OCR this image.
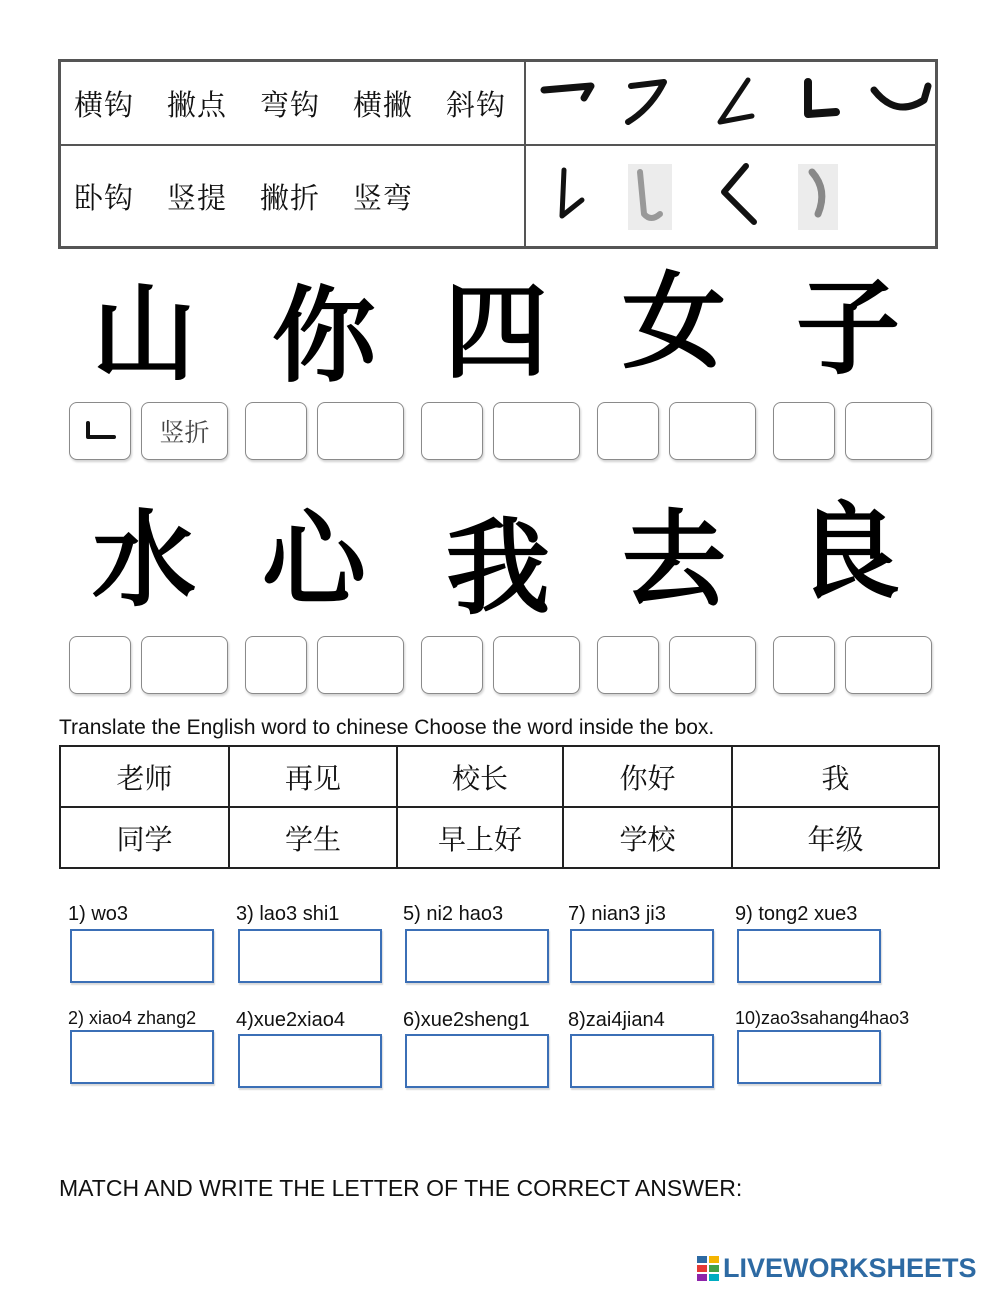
横钩 撇点 弯钩 横撇 斜钩
卧钩 竖提 撇折 竖弯
山 你 四 女 子
竖折
水 心 我 去 良
Translate the English word to chinese Choose the word inside the box.
老师	再见	校长	你好	我
同学	学生	早上好	学校	年级
1) wo3	3) lao3 shi1	5) ni2 hao3	7) nian3 ji3	9) tong2 xue3
2) xiao4 zhang2 4)xue2xiao4	6)xue2sheng1 8)zai4jian4	10)zao3sahang4hao3
MATCH AND WRITE THE LETTER OF THE CORRECT ANSWER:
LIVEWORKSHEETS
